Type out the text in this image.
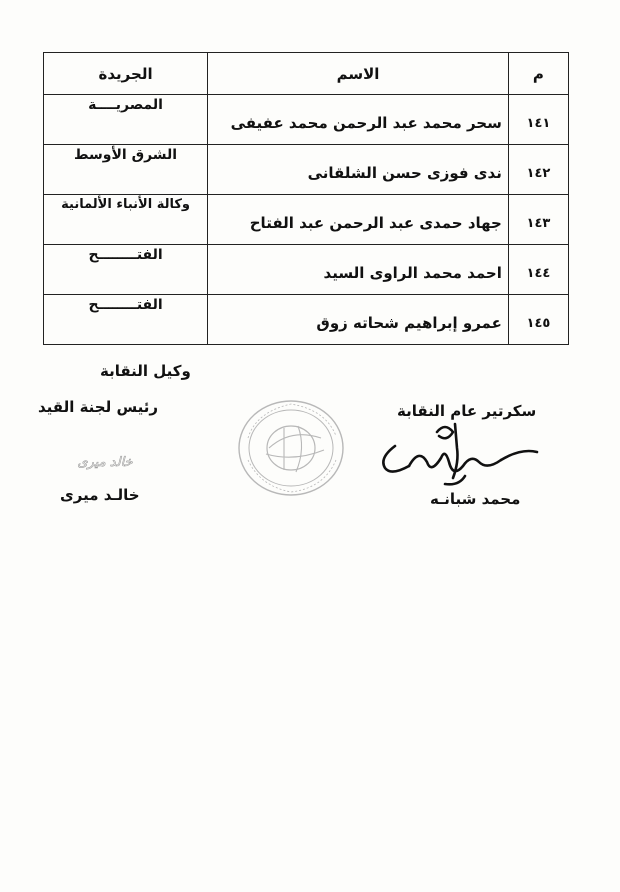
م	الاسم	الجريدة
١٤١	سحر محمد عبد الرحمن محمد عفيفى	المصريــــة
١٤٢	ندى فوزى حسن الشلقانى	الشرق الأوسط
١٤٣	جهاد حمدى عبد الرحمن عبد الفتاح	وكالة الأنباء الألمانية
١٤٤	احمد محمد الراوى السيد	الفتــــــــح
١٤٥	عمرو إبراهيم شحاته زوق	الفتــــــــح
وكيل النقابة
رئيس لجنة القيد
خالد ميرى
خالـد ميرى
سكرتير عام النقابة
محمد شبانـه
